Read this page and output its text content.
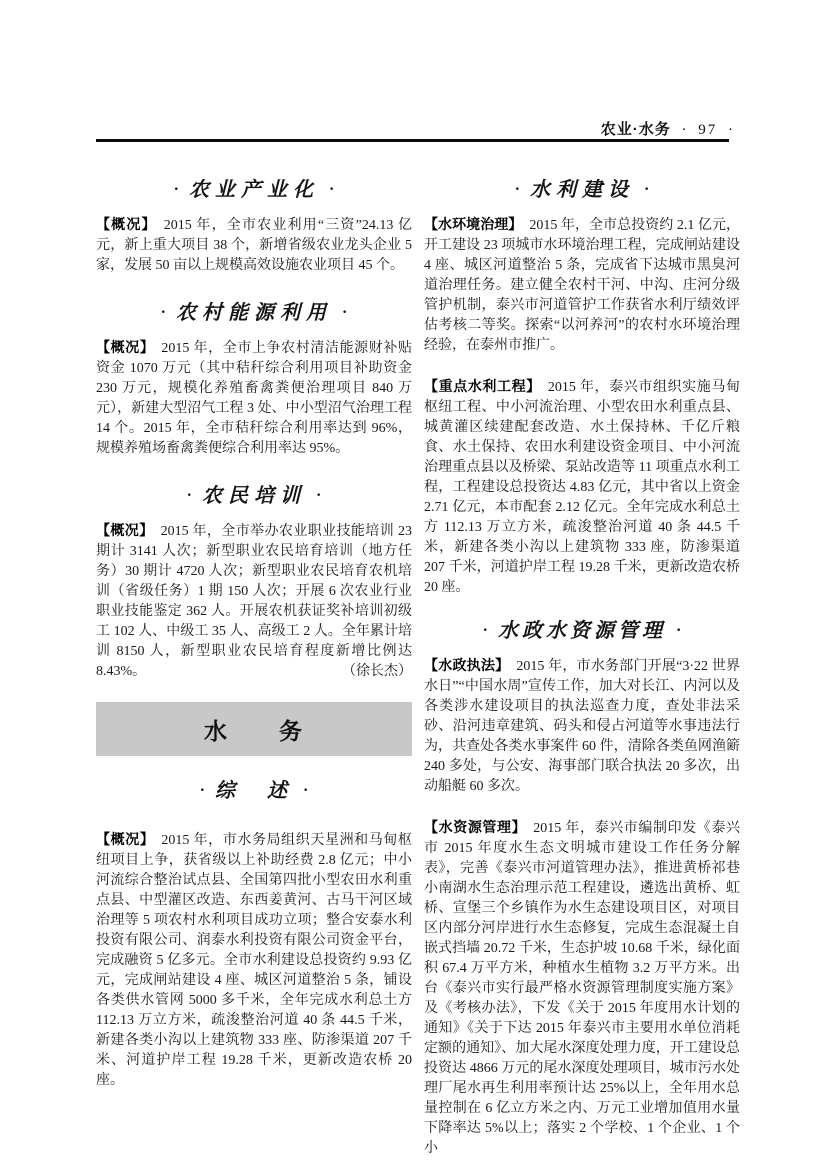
农业·水务 · 97 ·
· 农业产业化 ·

【概况】 2015 年，全市农业利用“三资”24.13 亿元，新上重大项目 38 个，新增省级农业龙头企业 5 家，发展 50 亩以上规模高效设施农业项目 45 个。

· 农村能源利用 ·

【概况】 2015 年，全市上争农村清洁能源财补贴资金 1070 万元（其中秸秆综合利用项目补助资金 230 万元，规模化养殖畜禽粪便治理项目 840 万元），新建大型沼气工程 3 处、中小型沼气治理工程 14 个。2015 年，全市秸秆综合利用率达到 96%，规模养殖场畜禽粪便综合利用率达 95%。

· 农民培训 ·

【概况】 2015 年，全市举办农业职业技能培训 23 期计 3141 人次；新型职业农民培育培训（地方任务）30 期计 4720 人次；新型职业农民培育农机培训（省级任务）1 期 150 人次；开展 6 次农业行业职业技能鉴定 362 人。开展农机获证奖补培训初级工 102 人、中级工 35 人、高级工 2 人。全年累计培训 8150 人，新型职业农民培育程度新增比例达 8.43%。	（徐长杰）

水　　务
· 综　述 ·

【概况】 2015 年，市水务局组织天星洲和马甸枢纽项目上争，获省级以上补助经费 2.8 亿元；中小河流综合整治试点县、全国第四批小型农田水利重点县、中型灌区改造、东西姜黄河、古马干河区域治理等 5 项农村水利项目成功立项；整合安泰水利投资有限公司、润泰水利投资有限公司资金平台，完成融资 5 亿多元。全市水利建设总投资约 9.93 亿元，完成闸站建设 4 座、城区河道整治 5 条，铺设各类供水管网 5000 多千米，全年完成水利总土方 112.13 万立方米，疏浚整治河道 40 条 44.5 千米，新建各类小沟以上建筑物 333 座、防渗渠道 207 千米、河道护岸工程 19.28 千米，更新改造农桥 20 座。

· 水利建设 ·

【水环境治理】 2015 年，全市总投资约 2.1 亿元，开工建设 23 项城市水环境治理工程，完成闸站建设 4 座、城区河道整治 5 条，完成省下达城市黑臭河道治理任务。建立健全农村干河、中沟、庄河分级管护机制，泰兴市河道管护工作获省水利厅绩效评估考核二等奖。探索“以河养河”的农村水环境治理经验，在泰州市推广。

【重点水利工程】 2015 年，泰兴市组织实施马甸枢纽工程、中小河流治理、小型农田水利重点县、城黄灌区续建配套改造、水土保持林、千亿斤粮食、水土保持、农田水利建设资金项目、中小河流治理重点县以及桥梁、泵站改造等 11 项重点水利工程，工程建设总投资达 4.83 亿元，其中省以上资金 2.71 亿元，本市配套 2.12 亿元。全年完成水利总土方 112.13 万立方米，疏浚整治河道 40 条 44.5 千米，新建各类小沟以上建筑物 333 座，防渗渠道 207 千米，河道护岸工程 19.28 千米，更新改造农桥 20 座。

· 水政水资源管理 ·

【水政执法】 2015 年，市水务部门开展“3·22 世界水日”“中国水周”宣传工作，加大对长江、内河以及各类涉水建设项目的执法巡查力度，查处非法采砂、沿河违章建筑、码头和侵占河道等水事违法行为，共查处各类水事案件 60 件，清除各类鱼网渔簖 240 多处，与公安、海事部门联合执法 20 多次，出动船艇 60 多次。

【水资源管理】 2015 年，泰兴市编制印发《泰兴市 2015 年度水生态文明城市建设工作任务分解表》，完善《泰兴市河道管理办法》，推进黄桥祁巷小南湖水生态治理示范工程建设，遴选出黄桥、虹桥、宣堡三个乡镇作为水生态建设项目区，对项目区内部分河岸进行水生态修复，完成生态混凝土自嵌式挡墙 20.72 千米，生态护坡 10.68 千米，绿化面积 67.4 万平方米，种植水生植物 3.2 万平方米。出台《泰兴市实行最严格水资源管理制度实施方案》及《考核办法》，下发《关于 2015 年度用水计划的通知》《关于下达 2015 年泰兴市主要用水单位消耗定额的通知》、加大尾水深度处理力度，开工建设总投资达 4866 万元的尾水深度处理项目，城市污水处理厂尾水再生利用率预计达 25%以上，全年用水总量控制在 6 亿立方米之内、万元工业增加值用水量下降率达 5%以上；落实 2 个学校、1 个企业、1 个小
